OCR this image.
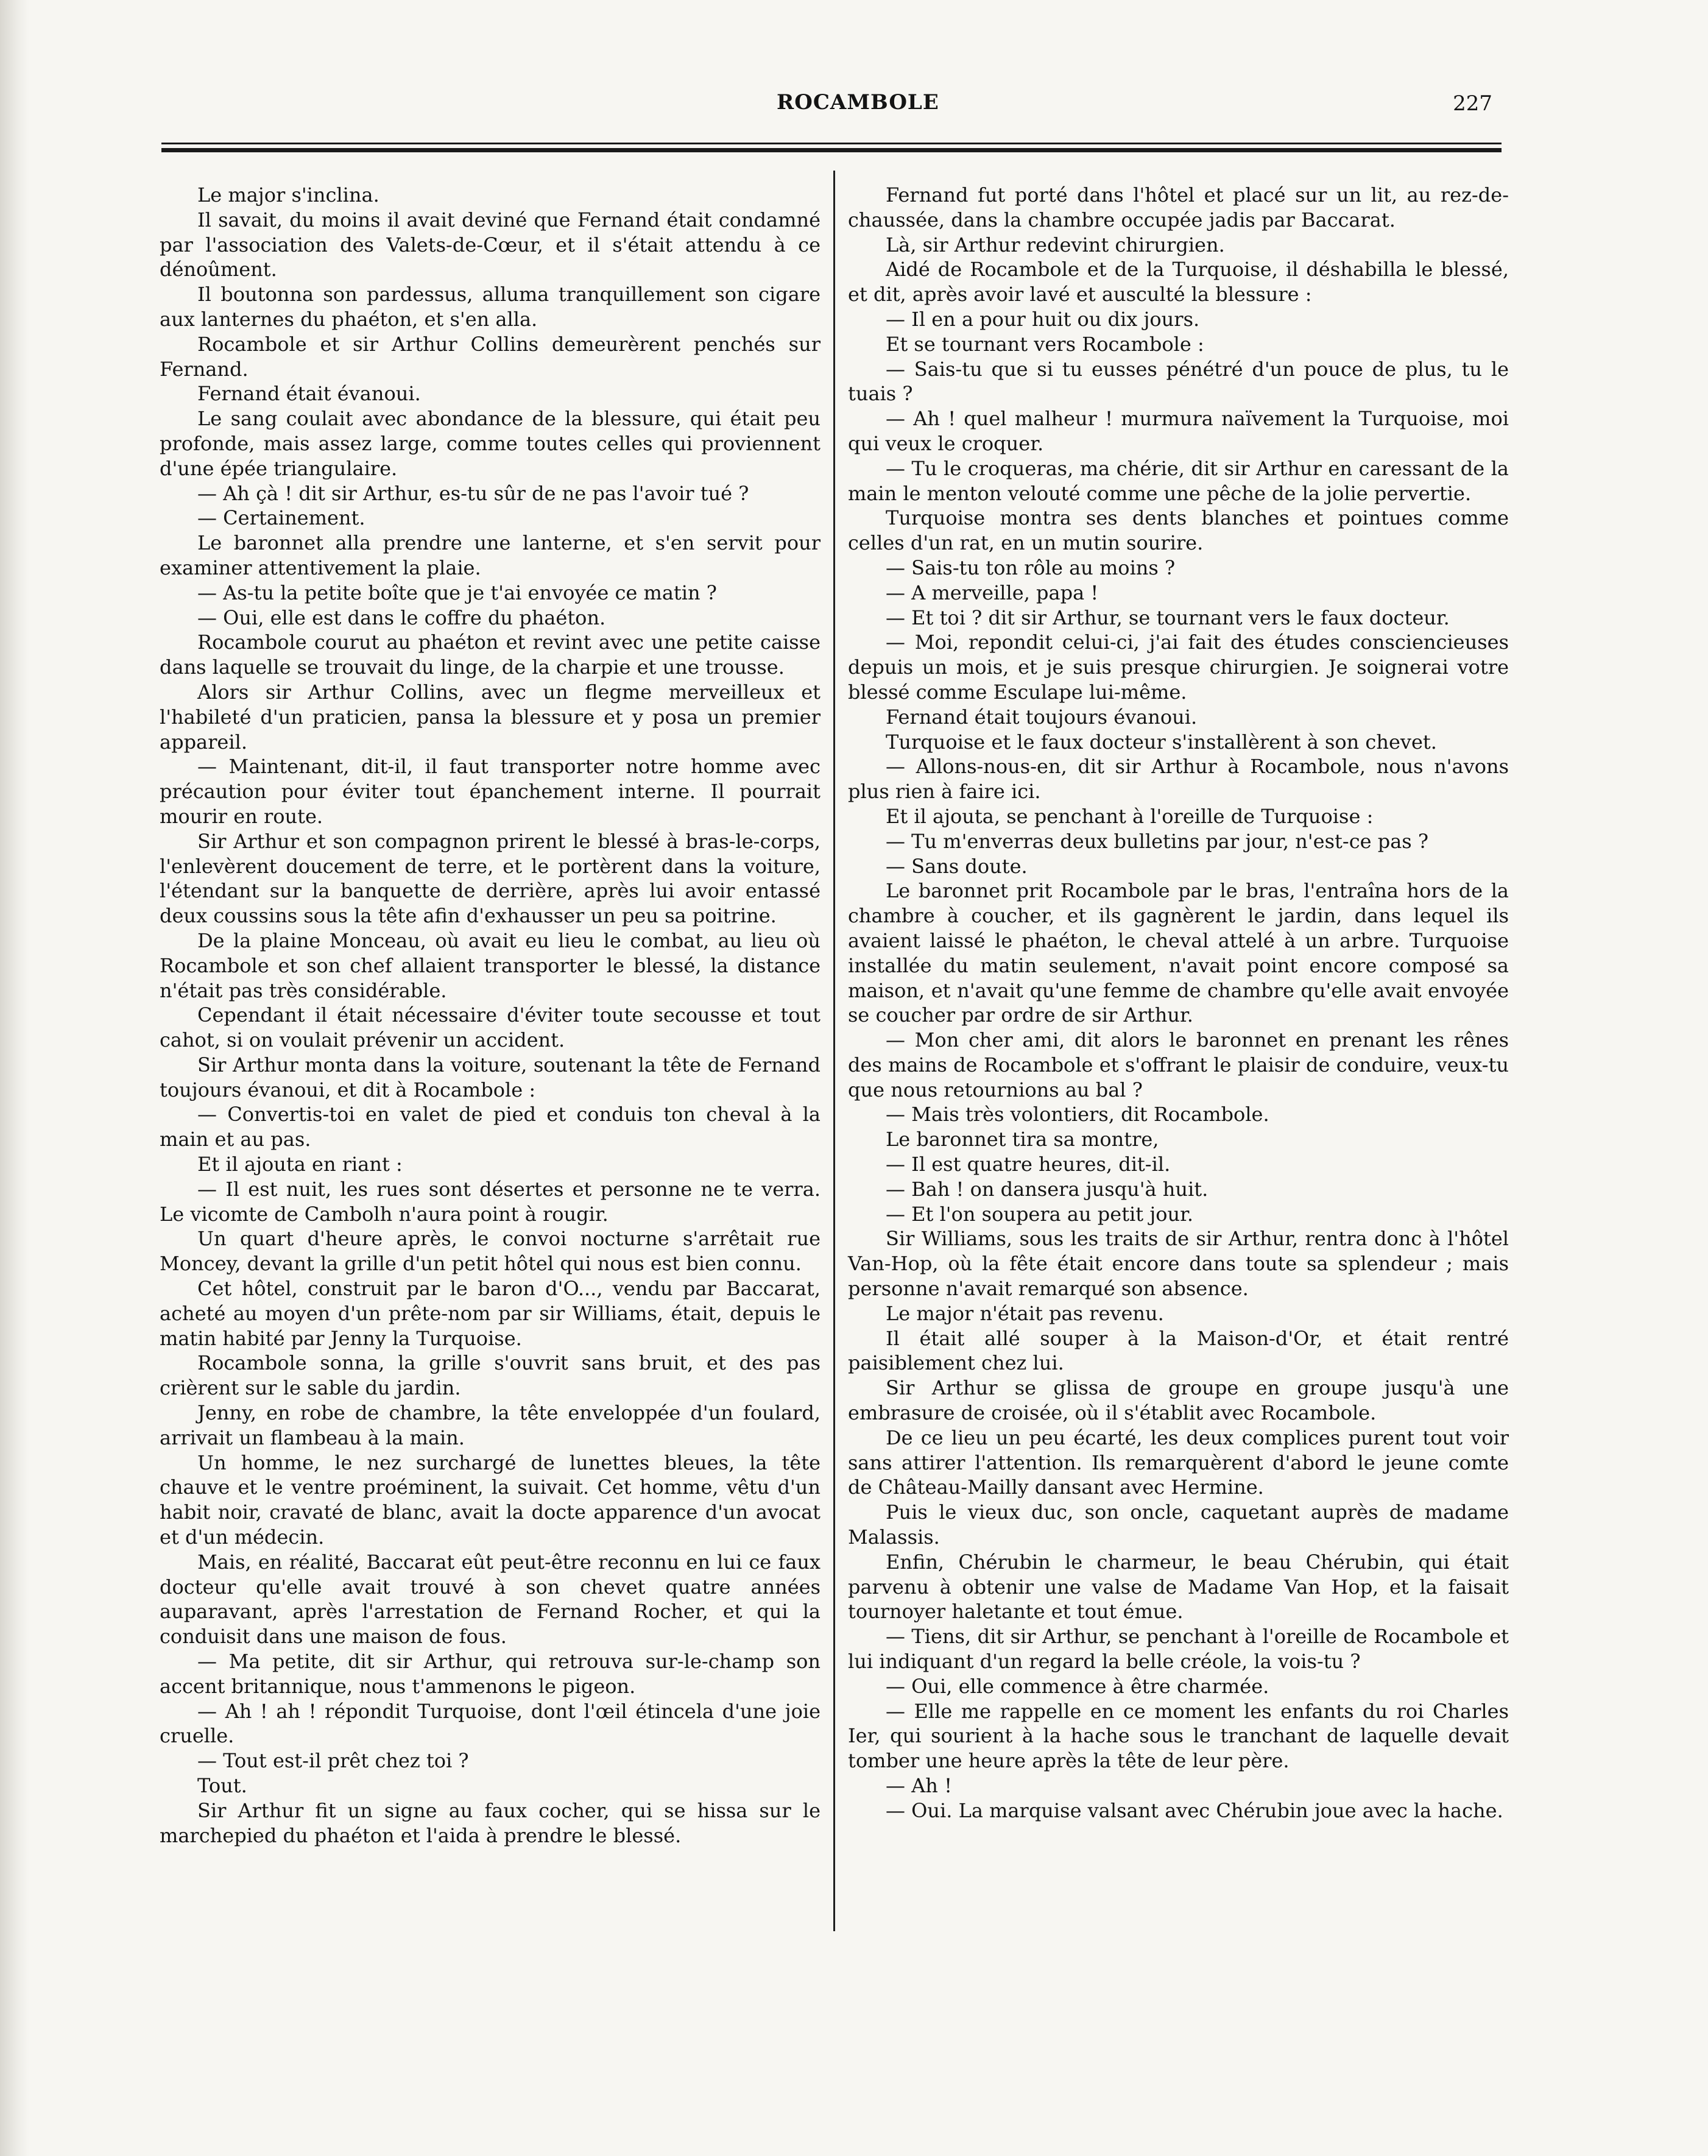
ROCAMBOLE	227

Le major s'inclina.

Il savait, du moins il avait deviné que Fernand était condamné par l'association des Valets-de-Cœur, et il s'était attendu à ce dénoûment.

Il boutonna son pardessus, alluma tranquillement son cigare aux lanternes du phaéton, et s'en alla.

Rocambole et sir Arthur Collins demeurèrent penchés sur Fernand.

Fernand était évanoui.

Le sang coulait avec abondance de la blessure, qui était peu profonde, mais assez large, comme toutes celles qui proviennent d'une épée triangulaire.

— Ah çà ! dit sir Arthur, es-tu sûr de ne pas l'avoir tué ?

— Certainement.

Le baronnet alla prendre une lanterne, et s'en servit pour examiner attentivement la plaie.

— As-tu la petite boîte que je t'ai envoyée ce matin ?

— Oui, elle est dans le coffre du phaéton.

Rocambole courut au phaéton et revint avec une petite caisse dans laquelle se trouvait du linge, de la charpie et une trousse.

Alors sir Arthur Collins, avec un flegme merveilleux et l'habileté d'un praticien, pansa la blessure et y posa un premier appareil.

— Maintenant, dit-il, il faut transporter notre homme avec précaution pour éviter tout épanchement interne. Il pourrait mourir en route.

Sir Arthur et son compagnon prirent le blessé à bras-le-corps, l'enlevèrent doucement de terre, et le portèrent dans la voiture, l'étendant sur la banquette de derrière, après lui avoir entassé deux coussins sous la tête afin d'exhausser un peu sa poitrine.

De la plaine Monceau, où avait eu lieu le combat, au lieu où Rocambole et son chef allaient transporter le blessé, la distance n'était pas très considérable.

Cependant il était nécessaire d'éviter toute secousse et tout cahot, si on voulait prévenir un accident.

Sir Arthur monta dans la voiture, soutenant la tête de Fernand toujours évanoui, et dit à Rocambole :

— Convertis-toi en valet de pied et conduis ton cheval à la main et au pas.

Et il ajouta en riant :

— Il est nuit, les rues sont désertes et personne ne te verra. Le vicomte de Cambolh n'aura point à rougir.

Un quart d'heure après, le convoi nocturne s'arrêtait rue Moncey, devant la grille d'un petit hôtel qui nous est bien connu.

Cet hôtel, construit par le baron d'O..., vendu par Baccarat, acheté au moyen d'un prête-nom par sir Williams, était, depuis le matin habité par Jenny la Turquoise.

Rocambole sonna, la grille s'ouvrit sans bruit, et des pas crièrent sur le sable du jardin.

Jenny, en robe de chambre, la tête enveloppée d'un foulard, arrivait un flambeau à la main.

Un homme, le nez surchargé de lunettes bleues, la tête chauve et le ventre proéminent, la suivait. Cet homme, vêtu d'un habit noir, cravaté de blanc, avait la docte apparence d'un avocat et d'un médecin.

Mais, en réalité, Baccarat eût peut-être reconnu en lui ce faux docteur qu'elle avait trouvé à son chevet quatre années auparavant, après l'arrestation de Fernand Rocher, et qui la conduisit dans une maison de fous.

— Ma petite, dit sir Arthur, qui retrouva sur-le-champ son accent britannique, nous t'ammenons le pigeon.

— Ah ! ah ! répondit Turquoise, dont l'œil étincela d'une joie cruelle.

— Tout est-il prêt chez toi ?

Tout.

Sir Arthur fit un signe au faux cocher, qui se hissa sur le marchepied du phaéton et l'aida à prendre le blessé.

Fernand fut porté dans l'hôtel et placé sur un lit, au rez-de-chaussée, dans la chambre occupée jadis par Baccarat.

Là, sir Arthur redevint chirurgien.

Aidé de Rocambole et de la Turquoise, il déshabilla le blessé, et dit, après avoir lavé et ausculté la blessure :

— Il en a pour huit ou dix jours.

Et se tournant vers Rocambole :

— Sais-tu que si tu eusses pénétré d'un pouce de plus, tu le tuais ?

— Ah ! quel malheur ! murmura naïvement la Turquoise, moi qui veux le croquer.

— Tu le croqueras, ma chérie, dit sir Arthur en caressant de la main le menton velouté comme une pêche de la jolie pervertie.

Turquoise montra ses dents blanches et pointues comme celles d'un rat, en un mutin sourire.

— Sais-tu ton rôle au moins ?

— A merveille, papa !

— Et toi ? dit sir Arthur, se tournant vers le faux docteur.

— Moi, repondit celui-ci, j'ai fait des études consciencieuses depuis un mois, et je suis presque chirurgien. Je soignerai votre blessé comme Esculape lui-même.

Fernand était toujours évanoui.

Turquoise et le faux docteur s'installèrent à son chevet.

— Allons-nous-en, dit sir Arthur à Rocambole, nous n'avons plus rien à faire ici.

Et il ajouta, se penchant à l'oreille de Turquoise :

— Tu m'enverras deux bulletins par jour, n'est-ce pas ?

— Sans doute.

Le baronnet prit Rocambole par le bras, l'entraîna hors de la chambre à coucher, et ils gagnèrent le jardin, dans lequel ils avaient laissé le phaéton, le cheval attelé à un arbre. Turquoise installée du matin seulement, n'avait point encore composé sa maison, et n'avait qu'une femme de chambre qu'elle avait envoyée se coucher par ordre de sir Arthur.

— Mon cher ami, dit alors le baronnet en prenant les rênes des mains de Rocambole et s'offrant le plaisir de conduire, veux-tu que nous retournions au bal ?

— Mais très volontiers, dit Rocambole.

Le baronnet tira sa montre,

— Il est quatre heures, dit-il.

— Bah ! on dansera jusqu'à huit.

— Et l'on soupera au petit jour.

Sir Williams, sous les traits de sir Arthur, rentra donc à l'hôtel Van-Hop, où la fête était encore dans toute sa splendeur ; mais personne n'avait remarqué son absence.

Le major n'était pas revenu.

Il était allé souper à la Maison-d'Or, et était rentré paisiblement chez lui.

Sir Arthur se glissa de groupe en groupe jusqu'à une embrasure de croisée, où il s'établit avec Rocambole.

De ce lieu un peu écarté, les deux complices purent tout voir sans attirer l'attention. Ils remarquèrent d'abord le jeune comte de Château-Mailly dansant avec Hermine.

Puis le vieux duc, son oncle, caquetant auprès de madame Malassis.

Enfin, Chérubin le charmeur, le beau Chérubin, qui était parvenu à obtenir une valse de Madame Van Hop, et la faisait tournoyer haletante et tout émue.

— Tiens, dit sir Arthur, se penchant à l'oreille de Rocambole et lui indiquant d'un regard la belle créole, la vois-tu ?

— Oui, elle commence à être charmée.

— Elle me rappelle en ce moment les enfants du roi Charles Ier, qui sourient à la hache sous le tranchant de laquelle devait tomber une heure après la tête de leur père.

— Ah !

— Oui. La marquise valsant avec Chérubin joue avec la hache.
